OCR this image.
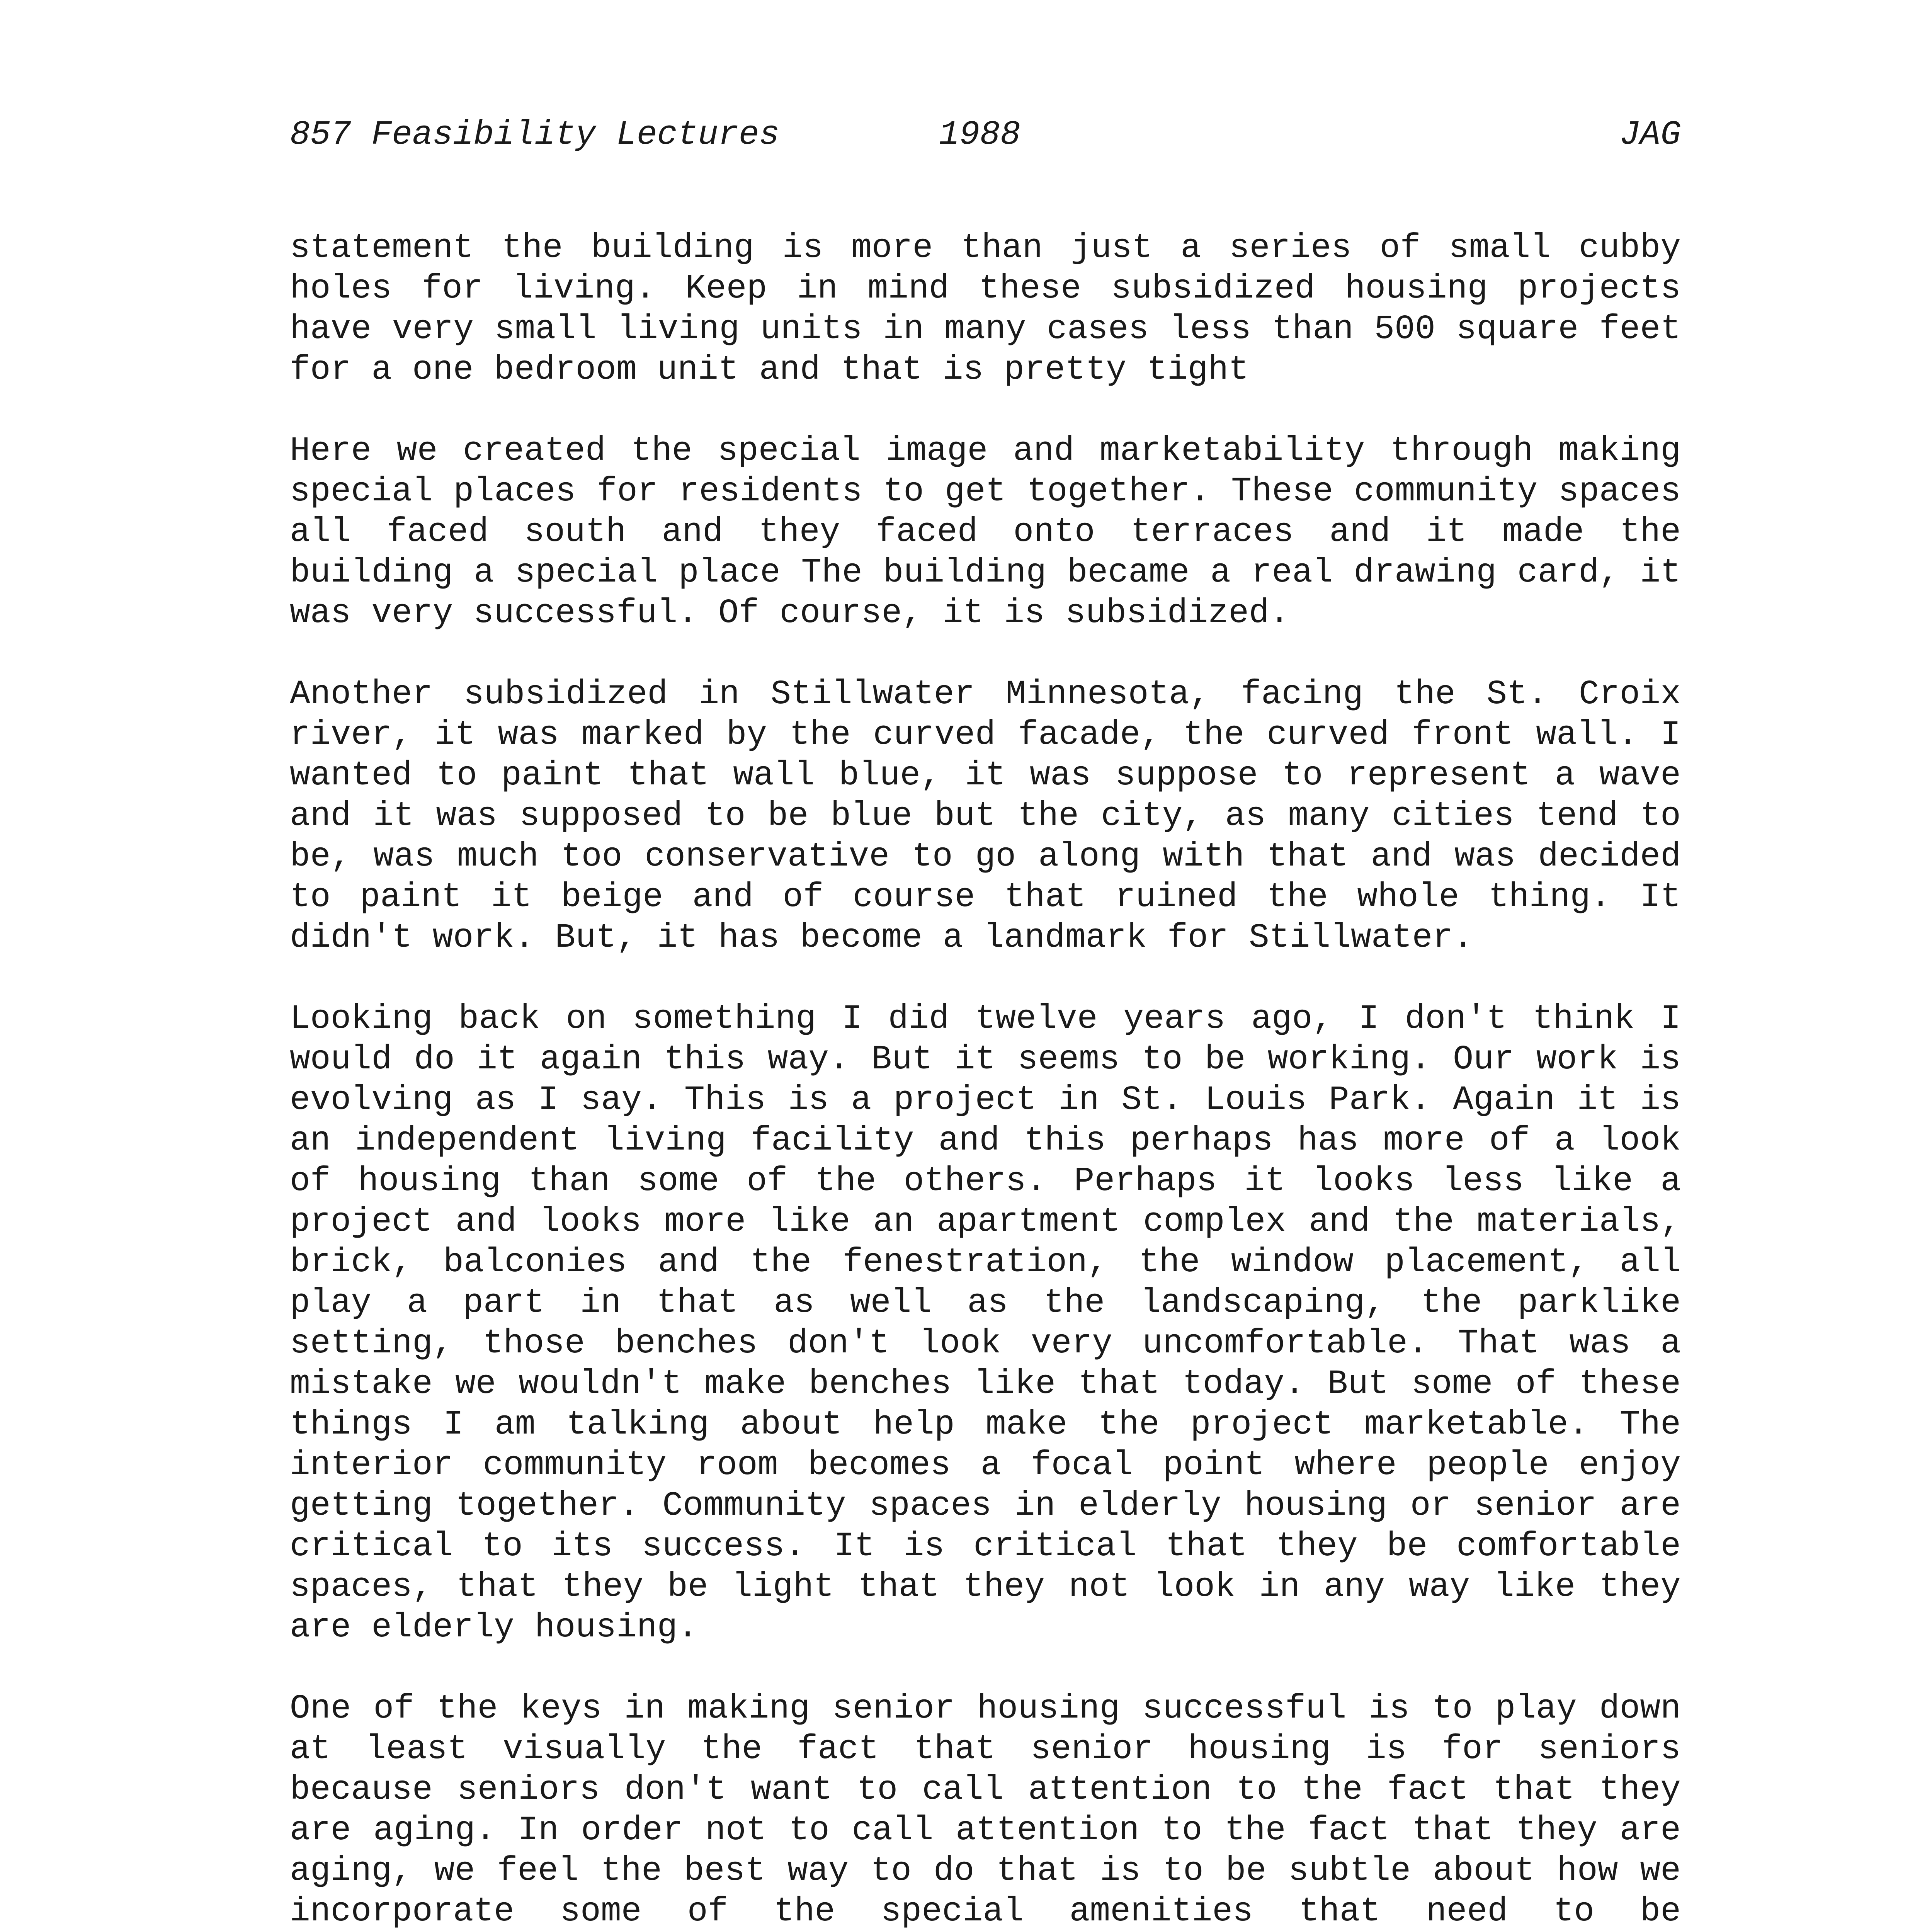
857 Feasibility Lectures

	1988

	JAG

statement the building is more than just a series of small cubby holes for living. Keep in mind these subsidized housing projects have very small living units in many cases less than 500 square feet for a one bedroom unit and that is pretty tight

Here we created the special image and marketability through making special places for residents to get together. These community spaces all faced south and they faced onto terraces and it made the building a special place The building became a real drawing card, it was very successful. Of course, it is subsidized.

Another subsidized in Stillwater Minnesota, facing the St. Croix river, it was marked by the curved facade, the curved front wall. I wanted to paint that wall blue, it was suppose to represent a wave and it was supposed to be blue but the city, as many cities tend to be, was much too conservative to go along with that and was decided to paint it beige and of course that ruined the whole thing. It didn't work. But, it has become a landmark for Stillwater.

Looking back on something I did twelve years ago, I don't think I would do it again this way. But it seems to be working. Our work is evolving as I say. This is a project in St. Louis Park. Again it is an independent living facility and this perhaps has more of a look of housing than some of the others. Perhaps it looks less like a project and looks more like an apartment complex and the materials, brick, balconies and the fenestration, the window placement, all play a part in that as well as the landscaping, the parklike setting, those benches don't look very uncomfortable. That was a mistake we wouldn't make benches like that today. But some of these things I am talking about help make the project marketable. The interior community room becomes a focal point where people enjoy getting together. Community spaces in elderly housing or senior are critical to its success. It is critical that they be comfortable spaces, that they be light that they not look in any way like they are elderly housing.

One of the keys in making senior housing successful is to play down at least visually the fact that senior housing is for seniors because seniors don't want to call attention to the fact that they are aging. In order not to call attention to the fact that they are aging, we feel the best way to do that is to be subtle about how we incorporate some of the special amenities that need to be
